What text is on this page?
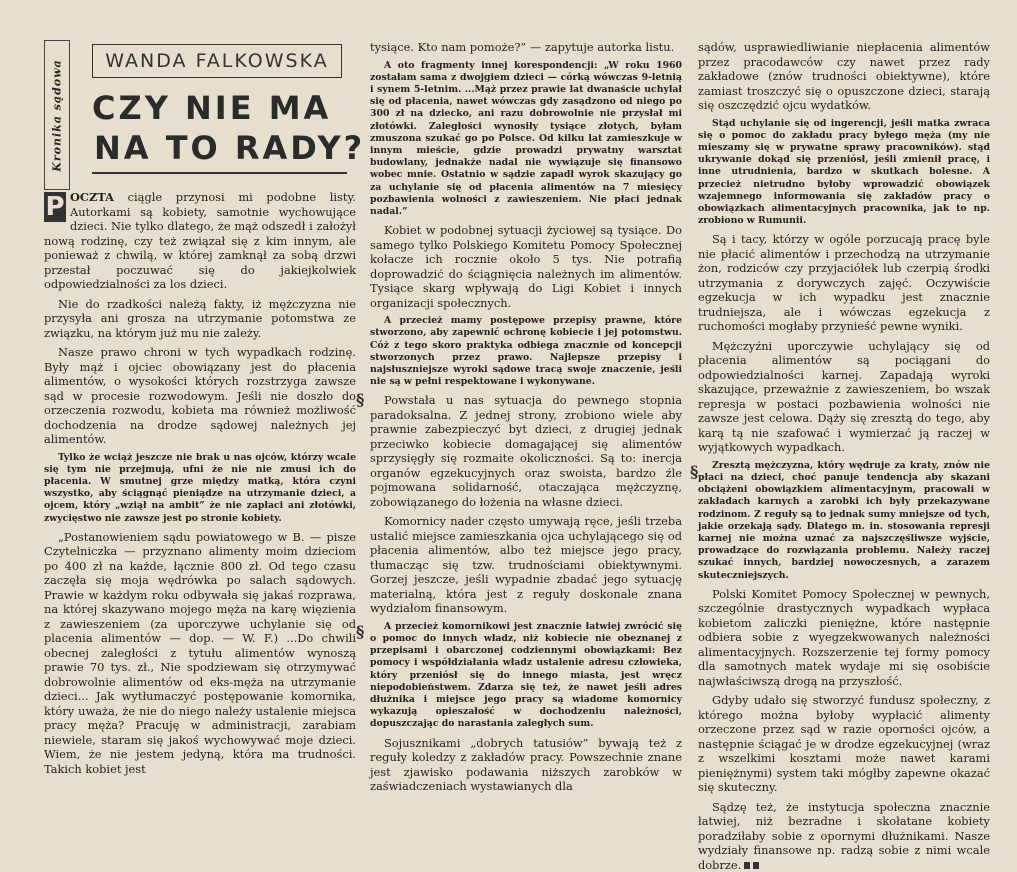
Kronika sądowa WANDA FALKOWSKA
CZY NIE MA
NA TO RADY?

P OCZTA ciągle przynosi mi podobne listy. Autorkami są kobiety, samotnie wychowujące dzieci. Nie tylko dlatego, że mąż odszedł i założył nową rodzinę, czy też związał się z kim innym, ale ponieważ z chwilą, w której zamknął za sobą drzwi przestał poczuwać się do jakiejkolwiek odpowiedzialności za los dzieci.

Nie do rzadkości należą fakty, iż mężczyzna nie przysyła ani grosza na utrzymanie potomstwa ze związku, na którym już mu nie zależy.

Nasze prawo chroni w tych wypadkach rodzinę. Były mąż i ojciec obowiązany jest do płacenia alimentów, o wysokości których rozstrzyga zawsze sąd w procesie rozwodowym. Jeśli nie doszło do orzeczenia rozwodu, kobieta ma również możliwość dochodzenia na drodze sądowej należnych jej alimentów.

Tylko że wciąż jeszcze nie brak u nas ojców, którzy wcale się tym nie przejmują, ufni że nie nie zmusi ich do płacenia. W smutnej grze między matką, która czyni wszystko, aby ściągnąć pieniądze na utrzymanie dzieci, a ojcem, który „wziął na ambit” że nie zapłaci ani złotówki, zwycięstwo nie zawsze jest po stronie kobiety.

„Postanowieniem sądu powiatowego w B. — pisze Czytelniczka — przyznano alimenty moim dzieciom po 400 zł na każde, łącznie 800 zł. Od tego czasu zaczęła się moja wędrówka po salach sądowych. Prawie w każdym roku odbywała się jakaś rozprawa, na której skazywano mojego męża na karę więzienia z zawieszeniem (za uporczywe uchylanie się od placenia alimentów — dop. — W. F.) ...Do chwili obecnej zaległości z tytułu alimentów wynoszą prawie 70 tys. zł., Nie spodziewam się otrzymywać dobrowolnie alimentów od eks-męża na utrzymanie dzieci... Jak wytłumaczyć postępowanie komornika, który uważa, że nie do niego należy ustalenie miejsca pracy męża? Pracuję w administracji, zarabiam niewiele, staram się jakoś wychowywać moje dzieci. Wiem, że nie jestem jedyną, która ma trudności. Takich kobiet jest

§
§
§

tysiące. Kto nam pomoże?” — zapytuje autorka listu.

A oto fragmenty innej korespondencji: „W roku 1960 zostałam sama z dwojgiem dzieci — córką wówczas 9-letnią i synem 5-letnim. ...Mąż przez prawie lat dwanaście uchylał się od płacenia, nawet wówczas gdy zasądzono od niego po 300 zł na dziecko, ani razu dobrowolnie nie przysłał mi złotówki. Zaległości wynosiły tysiące złotych, byłam zmuszona szukać go po Polsce. Od kilku lat zamieszkuje w innym mieście, gdzie prowadzi prywatny warsztat budowlany, jednakże nadal nie wywiązuje się finansowo wobec mnie. Ostatnio w sądzie zapadł wyrok skazujący go za uchylanie się od płacenia alimentów na 7 miesięcy pozbawienia wolności z zawieszeniem. Nie płaci jednak nadal.”

Kobiet w podobnej sytuacji życiowej są tysiące. Do samego tylko Polskiego Komitetu Pomocy Społecznej kołacze ich rocznie około 5 tys. Nie potrafią doprowadzić do ściągnięcia należnych im alimentów. Tysiące skarg wpływają do Ligi Kobiet i innych organizacji społecznych.

A przecież mamy postępowe przepisy prawne, które stworzono, aby zapewnić ochronę kobiecie i jej potomstwu. Cóż z tego skoro praktyka odbiega znacznie od koncepcji stworzonych przez prawo. Najlepsze przepisy i najsłuszniejsze wyroki sądowe tracą swoje znaczenie, jeśli nie są w pełni respektowane i wykonywane.

Powstała u nas sytuacja do pewnego stopnia paradoksalna. Z jednej strony, zrobiono wiele aby prawnie zabezpieczyć byt dzieci, z drugiej jednak przeciwko kobiecie domagającej się alimentów sprzysięgły się rozmaite okoliczności. Są to: inercja organów egzekucyjnych oraz swoista, bardzo źle pojmowana solidarność, otaczająca mężczyznę, zobowiązanego do łożenia na własne dzieci.

Komornicy nader często umywają ręce, jeśli trzeba ustalić miejsce zamieszkania ojca uchylającego się od płacenia alimentów, albo też miejsce jego pracy, tłumacząc się tzw. trudnościami obiektywnymi. Gorzej jeszcze, jeśli wypadnie zbadać jego sytuację materialną, która jest z reguły doskonale znana wydziałom finansowym.

A przecież komornikowi jest znacznie łatwiej zwrócić się o pomoc do innych władz, niż kobiecie nie obeznanej z przepisami i obarczonej codziennymi obowiązkami: Bez pomocy i współdziałania władz ustalenie adresu człowieka, który przeniósł się do innego miasta, jest wręcz niepodobieństwem. Zdarza się też, że nawet jeśli adres dłużnika i miejsce jego pracy są wiadome komornicy wykazują opieszałość w dochodzeniu należności, dopuszczając do narastania zaległych sum.

Sojusznikami „dobrych tatusiów” bywają też z reguły koledzy z zakładów pracy. Powszechnie znane jest zjawisko podawania niższych zarobków w zaświadczeniach wystawianych dla

sądów, usprawiedliwianie niepłacenia alimentów przez pracodawców czy nawet przez rady zakładowe (znów trudności obiektywne), które zamiast troszczyć się o opuszczone dzieci, starają się oszczędzić ojcu wydatków.

Stąd uchylanie się od ingerencji, jeśli matka zwraca się o pomoc do zakładu pracy byłego męża (my nie mieszamy się w prywatne sprawy pracowników). stąd ukrywanie dokąd się przeniósł, jeśli zmienił pracę, i inne utrudnienia, bardzo w skutkach bolesne. A przecież nietrudno byłoby wprowadzić obowiązek wzajemnego informowania się zakładów pracy o obowiązkach alimentacyjnych pracownika, jak to np. zrobiono w Rumunii.

Są i tacy, którzy w ogóle porzucają pracę byle nie płacić alimentów i przechodzą na utrzymanie żon, rodziców czy przyjaciółek lub czerpią środki utrzymania z dorywczych zajęć. Oczywiście egzekucja w ich wypadku jest znacznie trudniejsza, ale i wówczas egzekucja z ruchomości mogłaby przynieść pewne wyniki.

Mężczyźni uporczywie uchylający się od płacenia alimentów są pociągani do odpowiedzialności karnej. Zapadają wyroki skazujące, przeważnie z zawieszeniem, bo wszak represja w postaci pozbawienia wolności nie zawsze jest celowa. Dąży się zresztą do tego, aby karą tą nie szafować i wymierzać ją raczej w wyjątkowych wypadkach.

Zresztą mężczyzna, który wędruje za kraty, znów nie płaci na dzieci, choć panuje tendencja aby skazani obciążeni obowiązkiem alimentacyjnym, pracowali w zakładach karnych a zarobki ich były przekazywane rodzinom. Z reguły są to jednak sumy mniejsze od tych, jakie orzekają sądy. Dlatego m. in. stosowania represji karnej nie można uznać za najszczęśliwsze wyjście, prowadzące do rozwiązania problemu. Należy raczej szukać innych, bardziej nowoczesnych, a zarazem skuteczniejszych.

Polski Komitet Pomocy Społecznej w pewnych, szczególnie drastycznych wypadkach wypłaca kobietom zaliczki pieniężne, które następnie odbiera sobie z wyegzekwowanych należności alimentacyjnych. Rozszerzenie tej formy pomocy dla samotnych matek wydaje mi się osobiście najwłaściwszą drogą na przyszłość.

Gdyby udało się stworzyć fundusz społeczny, z którego można byłoby wypłacić alimenty orzeczone przez sąd w razie oporności ojców, a następnie ściągać je w drodze egzekucyjnej (wraz z wszelkimi kosztami może nawet karami pieniężnymi) system taki mógłby zapewne okazać się skuteczny.

Sądzę też, że instytucja społeczna znacznie łatwiej, niż bezradne i skołatane kobiety poradziłaby sobie z opornymi dłużnikami. Nasze wydziały finansowe np. radzą sobie z nimi wcale dobrze.
